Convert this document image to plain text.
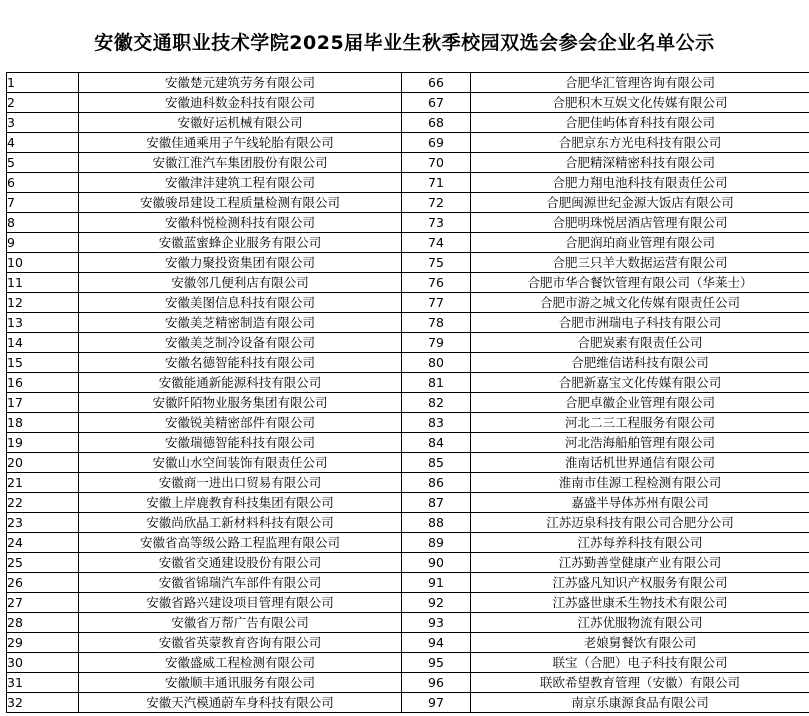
安徽交通职业技术学院2025届毕业生秋季校园双选会参会企业名单公示
1	安徽楚元建筑劳务有限公司	66	合肥华汇管理咨询有限公司
2	安徽迪科数金科技有限公司	67	合肥积木互娱文化传媒有限公司
3	安徽好运机械有限公司	68	合肥佳屿体育科技有限公司
4	安徽佳通乘用子午线轮胎有限公司	69	合肥京东方光电科技有限公司
5	安徽江淮汽车集团股份有限公司	70	合肥精深精密科技有限公司
6	安徽津沣建筑工程有限公司	71	合肥力翔电池科技有限责任公司
7	安徽骏昂建设工程质量检测有限公司	72	合肥闽源世纪金源大饭店有限公司
8	安徽科悦检测科技有限公司	73	合肥明珠悦居酒店管理有限公司
9	安徽蓝蜜蜂企业服务有限公司	74	合肥润珀商业管理有限公司
10	安徽力聚投资集团有限公司	75	合肥三只羊大数据运营有限公司
11	安徽邻几便利店有限公司	76	合肥市华合餐饮管理有限公司（华莱士）
12	安徽美图信息科技有限公司	77	合肥市游之城文化传媒有限责任公司
13	安徽美芝精密制造有限公司	78	合肥市洲瑞电子科技有限公司
14	安徽美芝制冷设备有限公司	79	合肥炭素有限责任公司
15	安徽名德智能科技有限公司	80	合肥维信诺科技有限公司
16	安徽能通新能源科技有限公司	81	合肥新嘉宝文化传媒有限公司
17	安徽阡陌物业服务集团有限公司	82	合肥卓徽企业管理有限公司
18	安徽锐美精密部件有限公司	83	河北二三工程服务有限公司
19	安徽瑞德智能科技有限公司	84	河北浩海船舶管理有限公司
20	安徽山水空间装饰有限责任公司	85	淮南话机世界通信有限公司
21	安徽商一进出口贸易有限公司	86	淮南市佳源工程检测有限公司
22	安徽上岸鹿教育科技集团有限公司	87	嘉盛半导体苏州有限公司
23	安徽尚欣晶工新材料科技有限公司	88	江苏迈泉科技有限公司合肥分公司
24	安徽省高等级公路工程监理有限公司	89	江苏每养科技有限公司
25	安徽省交通建设股份有限公司	90	江苏勤善堂健康产业有限公司
26	安徽省锦瑞汽车部件有限公司	91	江苏盛凡知识产权服务有限公司
27	安徽省路兴建设项目管理有限公司	92	江苏盛世康禾生物技术有限公司
28	安徽省万帮广告有限公司	93	江苏优服物流有限公司
29	安徽省英蒙教育咨询有限公司	94	老娘舅餐饮有限公司
30	安徽盛威工程检测有限公司	95	联宝（合肥）电子科技有限公司
31	安徽顺丰通讯服务有限公司	96	联欧希望教育管理（安徽）有限公司
32	安徽天汽模通蔚车身科技有限公司	97	南京乐康源食品有限公司
